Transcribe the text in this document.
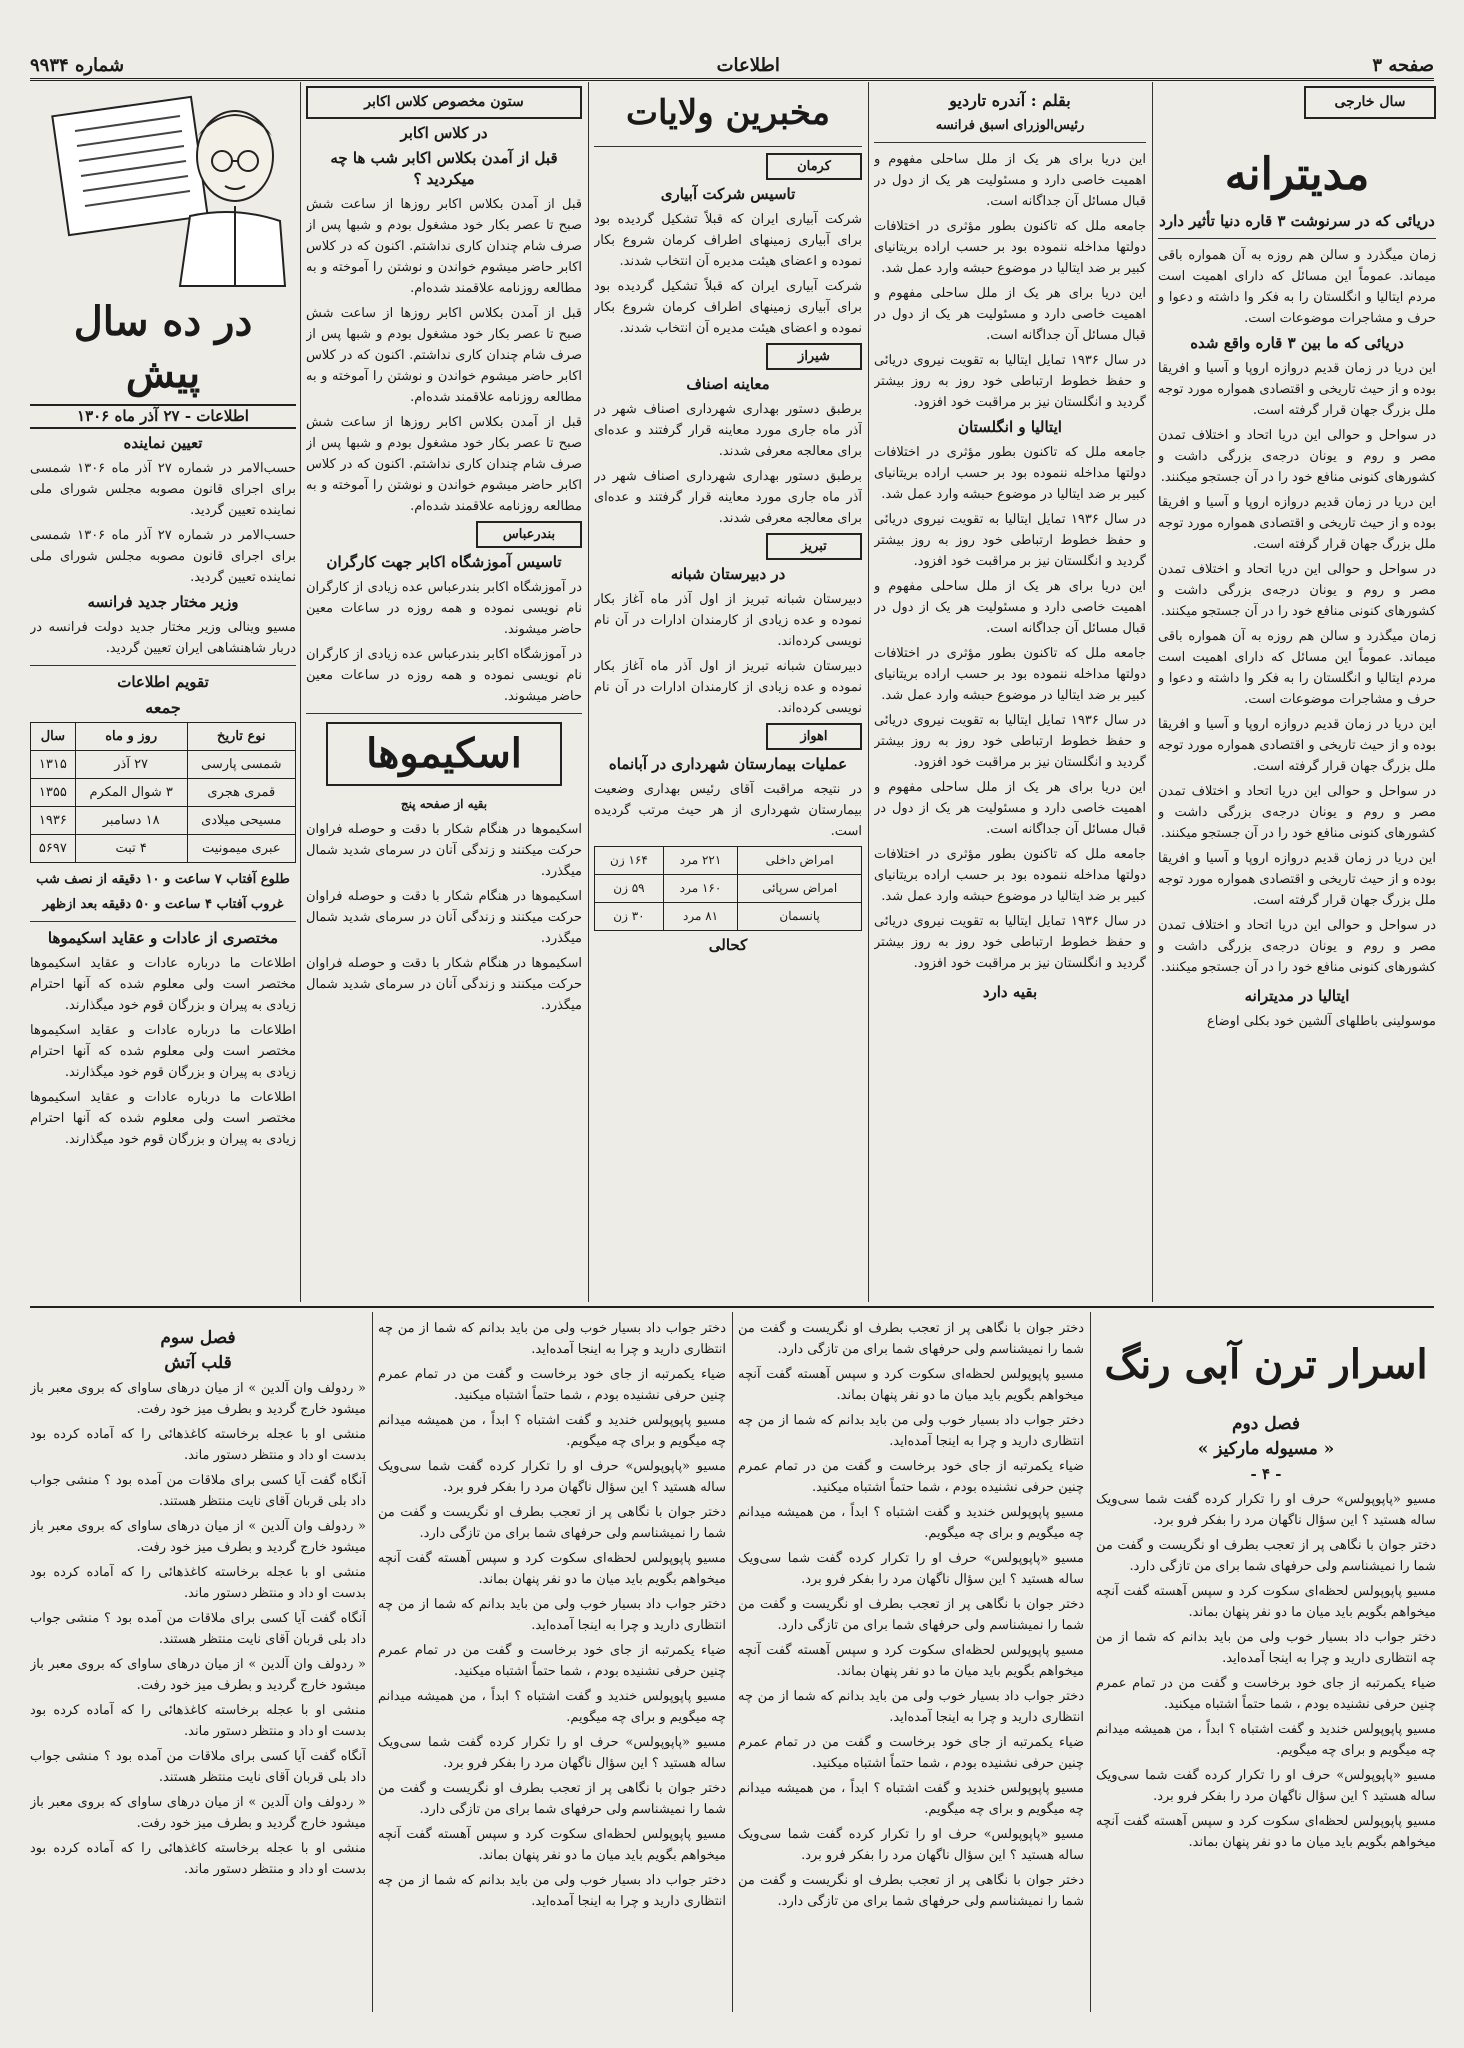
صفحه ۳
اطلاعات
شماره ۹۹۳۴
سال خارجی
مدیترانه
دریائی که در سرنوشت ۳ قاره دنیا تأثیر دارد

زمان میگذرد و سالن هم روزه به آن همواره باقی میماند. عموماً این مسائل که دارای اهمیت است مردم ایتالیا و انگلستان را به فکر وا داشته و دعوا و حرف و مشاجرات موضوعات است.

دریائی که ما بین ۳ قاره واقع شده

این دریا در زمان قدیم دروازه اروپا و آسیا و افریقا بوده و از حیث تاریخی و اقتصادی همواره مورد توجه ملل بزرگ جهان قرار گرفته است.

در سواحل و حوالی این دریا اتحاد و اختلاف تمدن مصر و روم و یونان درجه‌ی بزرگی داشت و کشورهای کنونی منافع خود را در آن جستجو میکنند.

این دریا در زمان قدیم دروازه اروپا و آسیا و افریقا بوده و از حیث تاریخی و اقتصادی همواره مورد توجه ملل بزرگ جهان قرار گرفته است.

در سواحل و حوالی این دریا اتحاد و اختلاف تمدن مصر و روم و یونان درجه‌ی بزرگی داشت و کشورهای کنونی منافع خود را در آن جستجو میکنند.

زمان میگذرد و سالن هم روزه به آن همواره باقی میماند. عموماً این مسائل که دارای اهمیت است مردم ایتالیا و انگلستان را به فکر وا داشته و دعوا و حرف و مشاجرات موضوعات است.

این دریا در زمان قدیم دروازه اروپا و آسیا و افریقا بوده و از حیث تاریخی و اقتصادی همواره مورد توجه ملل بزرگ جهان قرار گرفته است.

در سواحل و حوالی این دریا اتحاد و اختلاف تمدن مصر و روم و یونان درجه‌ی بزرگی داشت و کشورهای کنونی منافع خود را در آن جستجو میکنند.

این دریا در زمان قدیم دروازه اروپا و آسیا و افریقا بوده و از حیث تاریخی و اقتصادی همواره مورد توجه ملل بزرگ جهان قرار گرفته است.

در سواحل و حوالی این دریا اتحاد و اختلاف تمدن مصر و روم و یونان درجه‌ی بزرگی داشت و کشورهای کنونی منافع خود را در آن جستجو میکنند.

ایتالیا در مدیترانه

موسولینی باطلهای آلشین خود بکلی اوضاع

بقلم : آندره تاردیو
رئیس‌الوزرای اسبق فرانسه

این دریا برای هر یک از ملل ساحلی مفهوم و اهمیت خاصی دارد و مسئولیت هر یک از دول در قبال مسائل آن جداگانه است.

جامعه ملل که تاکنون بطور مؤثری در اختلافات دولتها مداخله ننموده بود بر حسب اراده بریتانیای کبیر بر ضد ایتالیا در موضوع حبشه وارد عمل شد.

این دریا برای هر یک از ملل ساحلی مفهوم و اهمیت خاصی دارد و مسئولیت هر یک از دول در قبال مسائل آن جداگانه است.

در سال ۱۹۳۶ تمایل ایتالیا به تقویت نیروی دریائی و حفظ خطوط ارتباطی خود روز به روز بیشتر گردید و انگلستان نیز بر مراقبت خود افزود.

ایتالیا و انگلستان

جامعه ملل که تاکنون بطور مؤثری در اختلافات دولتها مداخله ننموده بود بر حسب اراده بریتانیای کبیر بر ضد ایتالیا در موضوع حبشه وارد عمل شد.

در سال ۱۹۳۶ تمایل ایتالیا به تقویت نیروی دریائی و حفظ خطوط ارتباطی خود روز به روز بیشتر گردید و انگلستان نیز بر مراقبت خود افزود.

این دریا برای هر یک از ملل ساحلی مفهوم و اهمیت خاصی دارد و مسئولیت هر یک از دول در قبال مسائل آن جداگانه است.

جامعه ملل که تاکنون بطور مؤثری در اختلافات دولتها مداخله ننموده بود بر حسب اراده بریتانیای کبیر بر ضد ایتالیا در موضوع حبشه وارد عمل شد.

در سال ۱۹۳۶ تمایل ایتالیا به تقویت نیروی دریائی و حفظ خطوط ارتباطی خود روز به روز بیشتر گردید و انگلستان نیز بر مراقبت خود افزود.

این دریا برای هر یک از ملل ساحلی مفهوم و اهمیت خاصی دارد و مسئولیت هر یک از دول در قبال مسائل آن جداگانه است.

جامعه ملل که تاکنون بطور مؤثری در اختلافات دولتها مداخله ننموده بود بر حسب اراده بریتانیای کبیر بر ضد ایتالیا در موضوع حبشه وارد عمل شد.

در سال ۱۹۳۶ تمایل ایتالیا به تقویت نیروی دریائی و حفظ خطوط ارتباطی خود روز به روز بیشتر گردید و انگلستان نیز بر مراقبت خود افزود.

بقیه دارد
مخبرین ولایات
کرمان
تاسیس شرکت آبیاری

شرکت آبیاری ایران که قبلاً تشکیل گردیده بود برای آبیاری زمینهای اطراف کرمان شروع بکار نموده و اعضای هیئت مدیره آن انتخاب شدند.

شرکت آبیاری ایران که قبلاً تشکیل گردیده بود برای آبیاری زمینهای اطراف کرمان شروع بکار نموده و اعضای هیئت مدیره آن انتخاب شدند.

شیراز
معاینه اصناف

برطبق دستور بهداری شهرداری اصناف شهر در آذر ماه جاری مورد معاینه قرار گرفتند و عده‌ای برای معالجه معرفی شدند.

برطبق دستور بهداری شهرداری اصناف شهر در آذر ماه جاری مورد معاینه قرار گرفتند و عده‌ای برای معالجه معرفی شدند.

تبریز
در دبیرستان شبانه

دبیرستان شبانه تبریز از اول آذر ماه آغاز بکار نموده و عده زیادی از کارمندان ادارات در آن نام نویسی کرده‌اند.

دبیرستان شبانه تبریز از اول آذر ماه آغاز بکار نموده و عده زیادی از کارمندان ادارات در آن نام نویسی کرده‌اند.

اهواز
عملیات بیمارستان شهرداری در آبانماه

در نتیجه مراقبت آقای رئیس بهداری وضعیت بیمارستان شهرداری از هر حیث مرتب گردیده است.

امراض داخلی	۲۲۱ مرد	۱۶۴ زن
امراض سرپائی	۱۶۰ مرد	۵۹ زن
پانسمان	۸۱ مرد	۳۰ زن
کحالی
ستون مخصوص کلاس اکابر
در کلاس اکابر
قبل از آمدن بکلاس اکابر شب ها چه میکردید ؟

قبل از آمدن بکلاس اکابر روزها از ساعت شش صبح تا عصر بکار خود مشغول بودم و شبها پس از صرف شام چندان کاری نداشتم. اکنون که در کلاس اکابر حاضر میشوم خواندن و نوشتن را آموخته و به مطالعه روزنامه علاقمند شده‌ام.

قبل از آمدن بکلاس اکابر روزها از ساعت شش صبح تا عصر بکار خود مشغول بودم و شبها پس از صرف شام چندان کاری نداشتم. اکنون که در کلاس اکابر حاضر میشوم خواندن و نوشتن را آموخته و به مطالعه روزنامه علاقمند شده‌ام.

قبل از آمدن بکلاس اکابر روزها از ساعت شش صبح تا عصر بکار خود مشغول بودم و شبها پس از صرف شام چندان کاری نداشتم. اکنون که در کلاس اکابر حاضر میشوم خواندن و نوشتن را آموخته و به مطالعه روزنامه علاقمند شده‌ام.

بندرعباس
تاسیس آموزشگاه اکابر جهت کارگران

در آموزشگاه اکابر بندرعباس عده زیادی از کارگران نام نویسی نموده و همه روزه در ساعات معین حاضر میشوند.

در آموزشگاه اکابر بندرعباس عده زیادی از کارگران نام نویسی نموده و همه روزه در ساعات معین حاضر میشوند.

اسکیموها
بقیه از صفحه پنج

اسکیموها در هنگام شکار با دقت و حوصله فراوان حرکت میکنند و زندگی آنان در سرمای شدید شمال میگذرد.

اسکیموها در هنگام شکار با دقت و حوصله فراوان حرکت میکنند و زندگی آنان در سرمای شدید شمال میگذرد.

اسکیموها در هنگام شکار با دقت و حوصله فراوان حرکت میکنند و زندگی آنان در سرمای شدید شمال میگذرد.

در ده سال پیش
اطلاعات - ۲۷ آذر ماه ۱۳۰۶
تعیین نماینده

حسب‌الامر در شماره ۲۷ آذر ماه ۱۳۰۶ شمسی برای اجرای قانون مصوبه مجلس شورای ملی نماینده تعیین گردید.

حسب‌الامر در شماره ۲۷ آذر ماه ۱۳۰۶ شمسی برای اجرای قانون مصوبه مجلس شورای ملی نماینده تعیین گردید.

وزیر مختار جدید فرانسه

مسیو وینالی وزیر مختار جدید دولت فرانسه در دربار شاهنشاهی ایران تعیین گردید.

تقویم اطلاعات
جمعه
نوع تاریخ	روز و ماه	سال
شمسی پارسی	۲۷ آذر	۱۳۱۵
قمری هجری	۳ شوال المکرم	۱۳۵۵
مسیحی میلادی	۱۸ دسامبر	۱۹۳۶
عبری میمونیت	۴ تبت	۵۶۹۷
طلوع آفتاب ۷ ساعت و ۱۰ دقیقه از نصف شب
غروب آفتاب ۴ ساعت و ۵۰ دقیقه بعد ازظهر
مختصری از عادات و عقاید اسکیموها

اطلاعات ما درباره عادات و عقاید اسکیموها مختصر است ولی معلوم شده که آنها احترام زیادی به پیران و بزرگان قوم خود میگذارند.

اطلاعات ما درباره عادات و عقاید اسکیموها مختصر است ولی معلوم شده که آنها احترام زیادی به پیران و بزرگان قوم خود میگذارند.

اطلاعات ما درباره عادات و عقاید اسکیموها مختصر است ولی معلوم شده که آنها احترام زیادی به پیران و بزرگان قوم خود میگذارند.

اسرار ترن آبی رنگ
فصل دوم
« مسیوله مارکیز »
- ۴ -

مسیو «پاپوپولس» حرف او را تکرار کرده گفت شما سی‌ویک ساله هستید ؟ این سؤال ناگهان مرد را بفکر فرو برد.

دختر جوان با نگاهی پر از تعجب بطرف او نگریست و گفت من شما را نمیشناسم ولی حرفهای شما برای من تازگی دارد.

مسیو پاپوپولس لحظه‌ای سکوت کرد و سپس آهسته گفت آنچه میخواهم بگویم باید میان ما دو نفر پنهان بماند.

دختر جواب داد بسیار خوب ولی من باید بدانم که شما از من چه انتظاری دارید و چرا به اینجا آمده‌اید.

ضیاء یکمرتبه از جای خود برخاست و گفت من در تمام عمرم چنین حرفی نشنیده بودم ، شما حتماً اشتباه میکنید.

مسیو پاپوپولس خندید و گفت اشتباه ؟ ابداً ، من همیشه میدانم چه میگویم و برای چه میگویم.

مسیو «پاپوپولس» حرف او را تکرار کرده گفت شما سی‌ویک ساله هستید ؟ این سؤال ناگهان مرد را بفکر فرو برد.

مسیو پاپوپولس لحظه‌ای سکوت کرد و سپس آهسته گفت آنچه میخواهم بگویم باید میان ما دو نفر پنهان بماند.

دختر جوان با نگاهی پر از تعجب بطرف او نگریست و گفت من شما را نمیشناسم ولی حرفهای شما برای من تازگی دارد.

مسیو پاپوپولس لحظه‌ای سکوت کرد و سپس آهسته گفت آنچه میخواهم بگویم باید میان ما دو نفر پنهان بماند.

دختر جواب داد بسیار خوب ولی من باید بدانم که شما از من چه انتظاری دارید و چرا به اینجا آمده‌اید.

ضیاء یکمرتبه از جای خود برخاست و گفت من در تمام عمرم چنین حرفی نشنیده بودم ، شما حتماً اشتباه میکنید.

مسیو پاپوپولس خندید و گفت اشتباه ؟ ابداً ، من همیشه میدانم چه میگویم و برای چه میگویم.

مسیو «پاپوپولس» حرف او را تکرار کرده گفت شما سی‌ویک ساله هستید ؟ این سؤال ناگهان مرد را بفکر فرو برد.

دختر جوان با نگاهی پر از تعجب بطرف او نگریست و گفت من شما را نمیشناسم ولی حرفهای شما برای من تازگی دارد.

مسیو پاپوپولس لحظه‌ای سکوت کرد و سپس آهسته گفت آنچه میخواهم بگویم باید میان ما دو نفر پنهان بماند.

دختر جواب داد بسیار خوب ولی من باید بدانم که شما از من چه انتظاری دارید و چرا به اینجا آمده‌اید.

ضیاء یکمرتبه از جای خود برخاست و گفت من در تمام عمرم چنین حرفی نشنیده بودم ، شما حتماً اشتباه میکنید.

مسیو پاپوپولس خندید و گفت اشتباه ؟ ابداً ، من همیشه میدانم چه میگویم و برای چه میگویم.

مسیو «پاپوپولس» حرف او را تکرار کرده گفت شما سی‌ویک ساله هستید ؟ این سؤال ناگهان مرد را بفکر فرو برد.

دختر جوان با نگاهی پر از تعجب بطرف او نگریست و گفت من شما را نمیشناسم ولی حرفهای شما برای من تازگی دارد.

دختر جواب داد بسیار خوب ولی من باید بدانم که شما از من چه انتظاری دارید و چرا به اینجا آمده‌اید.

ضیاء یکمرتبه از جای خود برخاست و گفت من در تمام عمرم چنین حرفی نشنیده بودم ، شما حتماً اشتباه میکنید.

مسیو پاپوپولس خندید و گفت اشتباه ؟ ابداً ، من همیشه میدانم چه میگویم و برای چه میگویم.

مسیو «پاپوپولس» حرف او را تکرار کرده گفت شما سی‌ویک ساله هستید ؟ این سؤال ناگهان مرد را بفکر فرو برد.

دختر جوان با نگاهی پر از تعجب بطرف او نگریست و گفت من شما را نمیشناسم ولی حرفهای شما برای من تازگی دارد.

مسیو پاپوپولس لحظه‌ای سکوت کرد و سپس آهسته گفت آنچه میخواهم بگویم باید میان ما دو نفر پنهان بماند.

دختر جواب داد بسیار خوب ولی من باید بدانم که شما از من چه انتظاری دارید و چرا به اینجا آمده‌اید.

ضیاء یکمرتبه از جای خود برخاست و گفت من در تمام عمرم چنین حرفی نشنیده بودم ، شما حتماً اشتباه میکنید.

مسیو پاپوپولس خندید و گفت اشتباه ؟ ابداً ، من همیشه میدانم چه میگویم و برای چه میگویم.

مسیو «پاپوپولس» حرف او را تکرار کرده گفت شما سی‌ویک ساله هستید ؟ این سؤال ناگهان مرد را بفکر فرو برد.

دختر جوان با نگاهی پر از تعجب بطرف او نگریست و گفت من شما را نمیشناسم ولی حرفهای شما برای من تازگی دارد.

مسیو پاپوپولس لحظه‌ای سکوت کرد و سپس آهسته گفت آنچه میخواهم بگویم باید میان ما دو نفر پنهان بماند.

دختر جواب داد بسیار خوب ولی من باید بدانم که شما از من چه انتظاری دارید و چرا به اینجا آمده‌اید.

فصل سوم
قلب آتش

« ردولف وان آلدین » از میان درهای ساوای که بروی معبر باز میشود خارج گردید و بطرف میز خود رفت.

منشی او با عجله برخاسته کاغذهائی را که آماده کرده بود بدست او داد و منتظر دستور ماند.

آنگاه گفت آیا کسی برای ملاقات من آمده بود ؟ منشی جواب داد بلی قربان آقای نایت منتظر هستند.

« ردولف وان آلدین » از میان درهای ساوای که بروی معبر باز میشود خارج گردید و بطرف میز خود رفت.

منشی او با عجله برخاسته کاغذهائی را که آماده کرده بود بدست او داد و منتظر دستور ماند.

آنگاه گفت آیا کسی برای ملاقات من آمده بود ؟ منشی جواب داد بلی قربان آقای نایت منتظر هستند.

« ردولف وان آلدین » از میان درهای ساوای که بروی معبر باز میشود خارج گردید و بطرف میز خود رفت.

منشی او با عجله برخاسته کاغذهائی را که آماده کرده بود بدست او داد و منتظر دستور ماند.

آنگاه گفت آیا کسی برای ملاقات من آمده بود ؟ منشی جواب داد بلی قربان آقای نایت منتظر هستند.

« ردولف وان آلدین » از میان درهای ساوای که بروی معبر باز میشود خارج گردید و بطرف میز خود رفت.

منشی او با عجله برخاسته کاغذهائی را که آماده کرده بود بدست او داد و منتظر دستور ماند.
